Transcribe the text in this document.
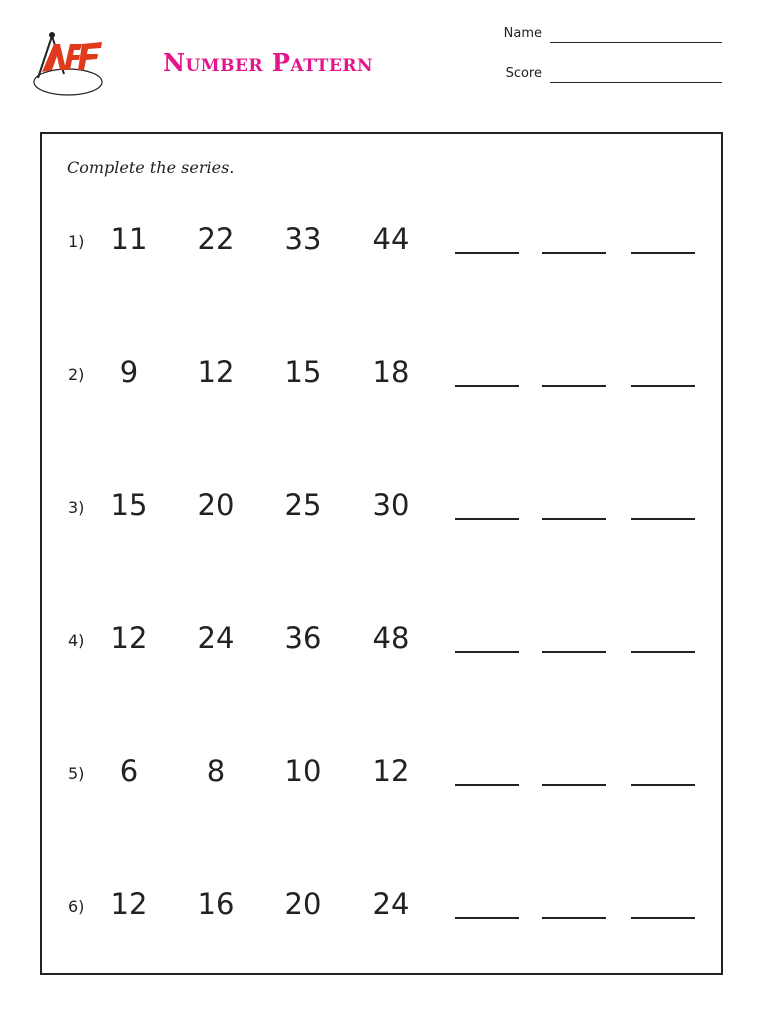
Number Pattern
Name
Score
Complete the series.
1) 11	22	33	44
2)	9	12	15	18
3) 15	20	25	30
4) 12	24	36	48
5)	6	8	10	12
6) 12	16	20	24
